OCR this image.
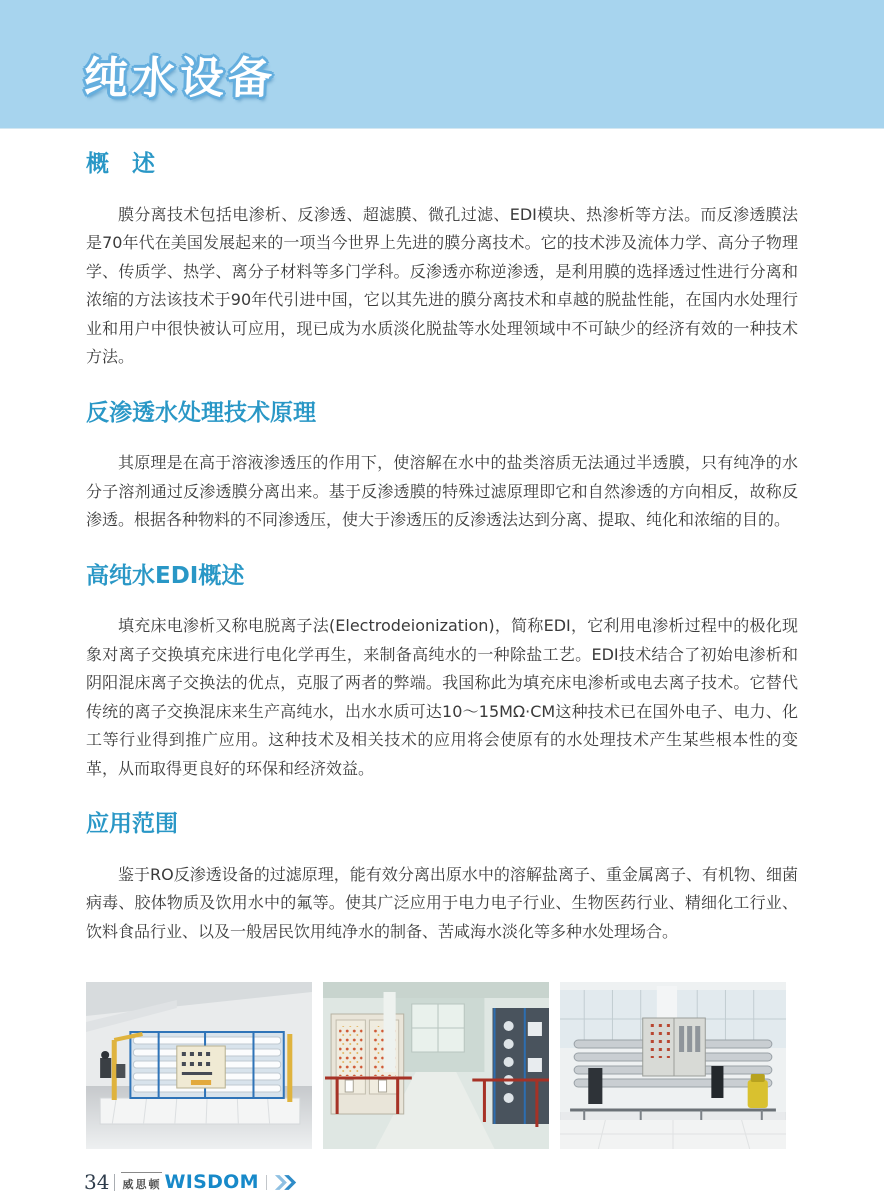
纯水设备
概　述

膜分离技术包括电渗析、反渗透、超滤膜、微孔过滤、EDI模块、热渗析等方法。而反渗透膜法是70年代在美国发展起来的一项当今世界上先进的膜分离技术。它的技术涉及流体力学、高分子物理学、传质学、热学、离分子材料等多门学科。反渗透亦称逆渗透，是利用膜的选择透过性进行分离和浓缩的方法该技术于90年代引进中国，它以其先进的膜分离技术和卓越的脱盐性能，在国内水处理行业和用户中很快被认可应用，现已成为水质淡化脱盐等水处理领域中不可缺少的经济有效的一种技术方法。

反渗透水处理技术原理

其原理是在高于溶液渗透压的作用下，使溶解在水中的盐类溶质无法通过半透膜，只有纯净的水分子溶剂通过反渗透膜分离出来。基于反渗透膜的特殊过滤原理即它和自然渗透的方向相反，故称反渗透。根据各种物料的不同渗透压，使大于渗透压的反渗透法达到分离、提取、纯化和浓缩的目的。

高纯水EDI概述

填充床电渗析又称电脱离子法(Electrodeionization)，简称EDI，它利用电渗析过程中的极化现象对离子交换填充床进行电化学再生，来制备高纯水的一种除盐工艺。EDI技术结合了初始电渗析和阴阳混床离子交换法的优点，克服了两者的弊端。我国称此为填充床电渗析或电去离子技术。它替代传统的离子交换混床来生产高纯水，出水水质可达10～15MΩ·CM这种技术已在国外电子、电力、化工等行业得到推广应用。这种技术及相关技术的应用将会使原有的水处理技术产生某些根本性的变革，从而取得更良好的环保和经济效益。

应用范围

鉴于RO反渗透设备的过滤原理，能有效分离出原水中的溶解盐离子、重金属离子、有机物、细菌病毒、胶体物质及饮用水中的氟等。使其广泛应用于电力电子行业、生物医药行业、精细化工行业、饮料食品行业、以及一般居民饮用纯净水的制备、苦咸海水淡化等多种水处理场合。

34 威思顿 WISDOM
